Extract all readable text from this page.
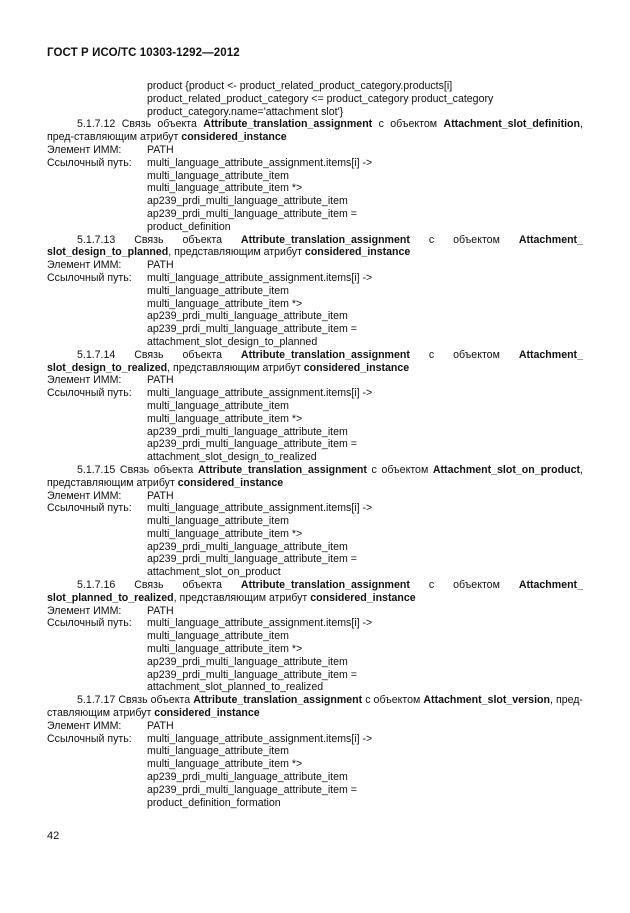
ГОСТ Р ИСО/ТС 10303-1292—2012
product {product <- product_related_product_category.products[i]
product_related_product_category <= product_category product_category
product_category.name='attachment slot'}
5.1.7.12 Связь объекта Attribute_translation_assignment с объектом Attachment_slot_definition, пред-ставляющим атрибут considered_instance
Элемент ИММ:	PATH
Ссылочный путь:	multi_language_attribute_assignment.items[i] ->
multi_language_attribute_item
multi_language_attribute_item *>
ap239_prdi_multi_language_attribute_item
ap239_prdi_multi_language_attribute_item =
product_definition
5.1.7.13 Связь объекта Attribute_translation_assignment с объектом Attachment_ slot_design_to_planned, представляющим атрибут considered_instance
Элемент ИММ:	PATH
Ссылочный путь:	multi_language_attribute_assignment.items[i] ->
multi_language_attribute_item
multi_language_attribute_item *>
ap239_prdi_multi_language_attribute_item
ap239_prdi_multi_language_attribute_item =
attachment_slot_design_to_planned
5.1.7.14 Связь объекта Attribute_translation_assignment с объектом Attachment_ slot_design_to_realized, представляющим атрибут considered_instance
Элемент ИММ:	PATH
Ссылочный путь:	multi_language_attribute_assignment.items[i] ->
multi_language_attribute_item
multi_language_attribute_item *>
ap239_prdi_multi_language_attribute_item
ap239_prdi_multi_language_attribute_item =
attachment_slot_design_to_realized
5.1.7.15 Связь объекта Attribute_translation_assignment с объектом Attachment_slot_on_product, представляющим атрибут considered_instance
Элемент ИММ:	PATH
Ссылочный путь:	multi_language_attribute_assignment.items[i] ->
multi_language_attribute_item
multi_language_attribute_item *>
ap239_prdi_multi_language_attribute_item
ap239_prdi_multi_language_attribute_item =
attachment_slot_on_product
5.1.7.16 Связь объекта Attribute_translation_assignment с объектом Attachment_ slot_planned_to_realized, представляющим атрибут considered_instance
Элемент ИММ:	PATH
Ссылочный путь:	multi_language_attribute_assignment.items[i] ->
multi_language_attribute_item
multi_language_attribute_item *>
ap239_prdi_multi_language_attribute_item
ap239_prdi_multi_language_attribute_item =
attachment_slot_planned_to_realized
5.1.7.17 Связь объекта Attribute_translation_assignment с объектом Attachment_slot_version, пред-ставляющим атрибут considered_instance
Элемент ИММ:	PATH
Ссылочный путь:	multi_language_attribute_assignment.items[i] ->
multi_language_attribute_item
multi_language_attribute_item *>
ap239_prdi_multi_language_attribute_item
ap239_prdi_multi_language_attribute_item =
product_definition_formation
42
